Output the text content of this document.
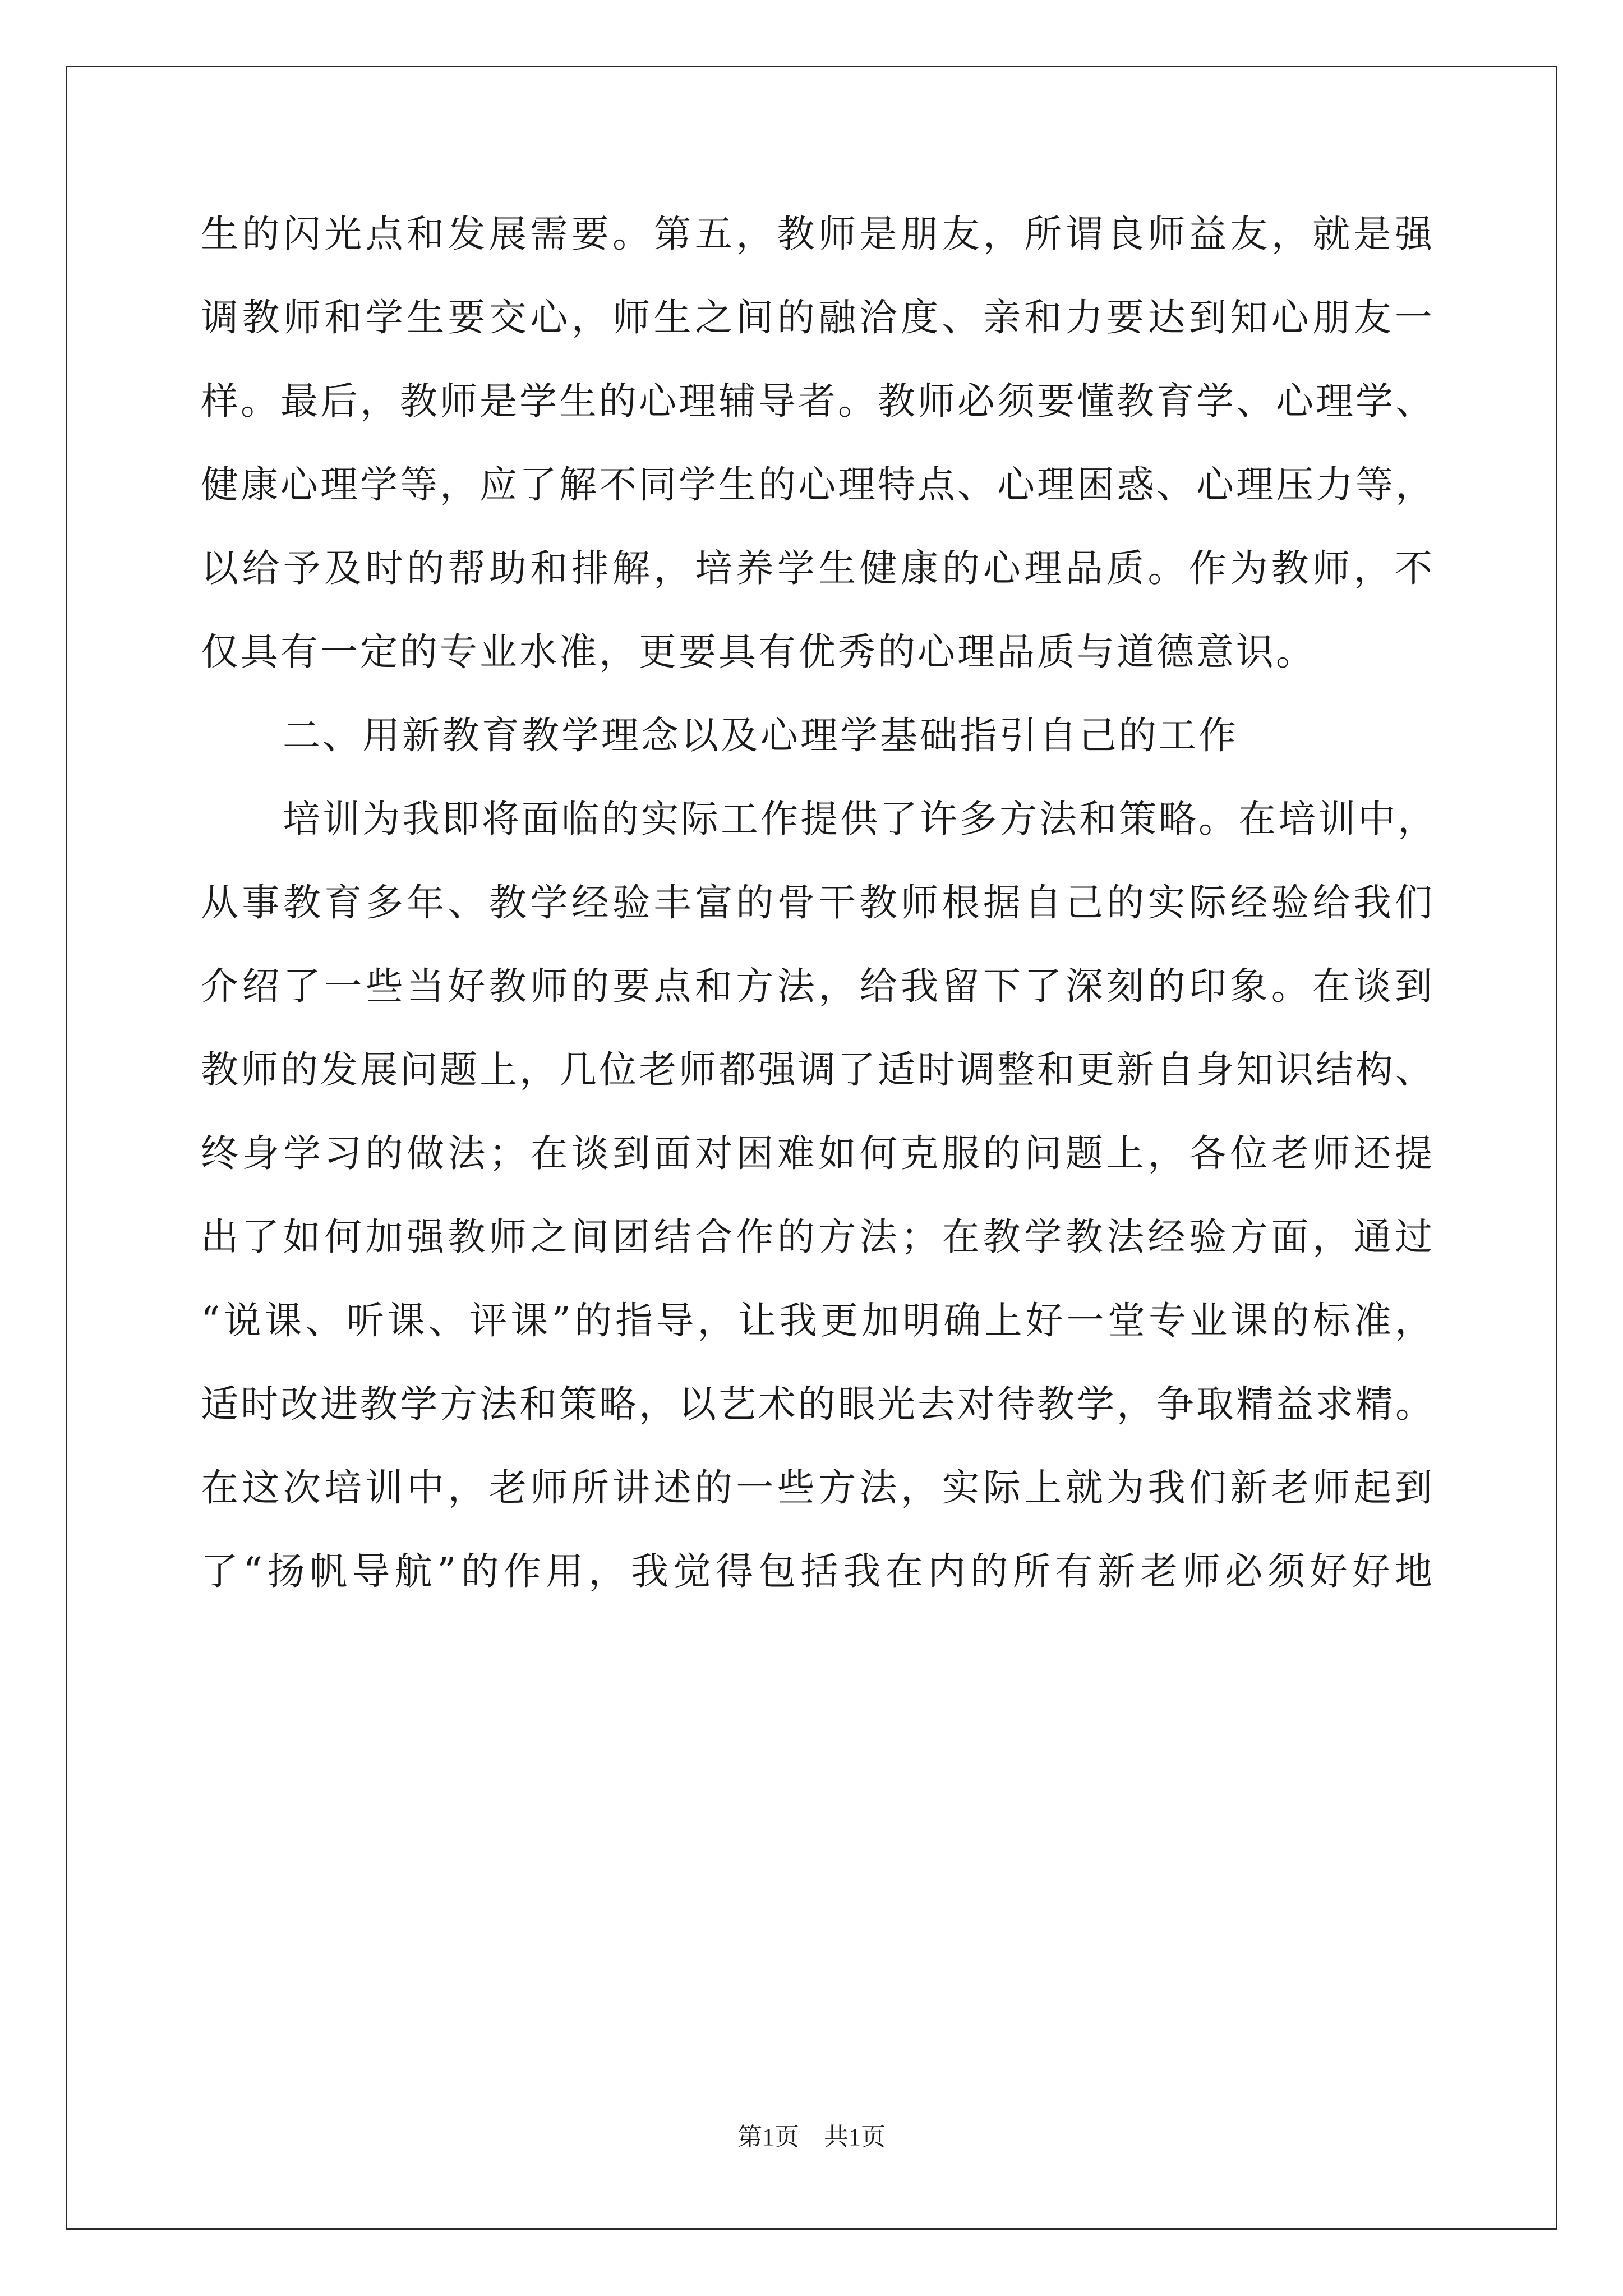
生的闪光点和发展需要。第五，教师是朋友，所谓良师益友，就是强
调教师和学生要交心，师生之间的融洽度、亲和力要达到知心朋友一
样。最后，教师是学生的心理辅导者。教师必须要懂教育学、心理学、
健康心理学等，应了解不同学生的心理特点、心理困惑、心理压力等，
以给予及时的帮助和排解，培养学生健康的心理品质。作为教师，不
仅具有一定的专业水准，更要具有优秀的心理品质与道德意识。
二、用新教育教学理念以及心理学基础指引自己的工作
培训为我即将面临的实际工作提供了许多方法和策略。在培训中，
从事教育多年、教学经验丰富的骨干教师根据自己的实际经验给我们
介绍了一些当好教师的要点和方法，给我留下了深刻的印象。在谈到
教师的发展问题上，几位老师都强调了适时调整和更新自身知识结构、
终身学习的做法；在谈到面对困难如何克服的问题上，各位老师还提
出了如何加强教师之间团结合作的方法；在教学教法经验方面，通过
“说课、听课、评课”的指导，让我更加明确上好一堂专业课的标准，
适时改进教学方法和策略，以艺术的眼光去对待教学，争取精益求精。
在这次培训中，老师所讲述的一些方法，实际上就为我们新老师起到
了“扬帆导航”的作用，我觉得包括我在内的所有新老师必须好好地
第1页　共1页
